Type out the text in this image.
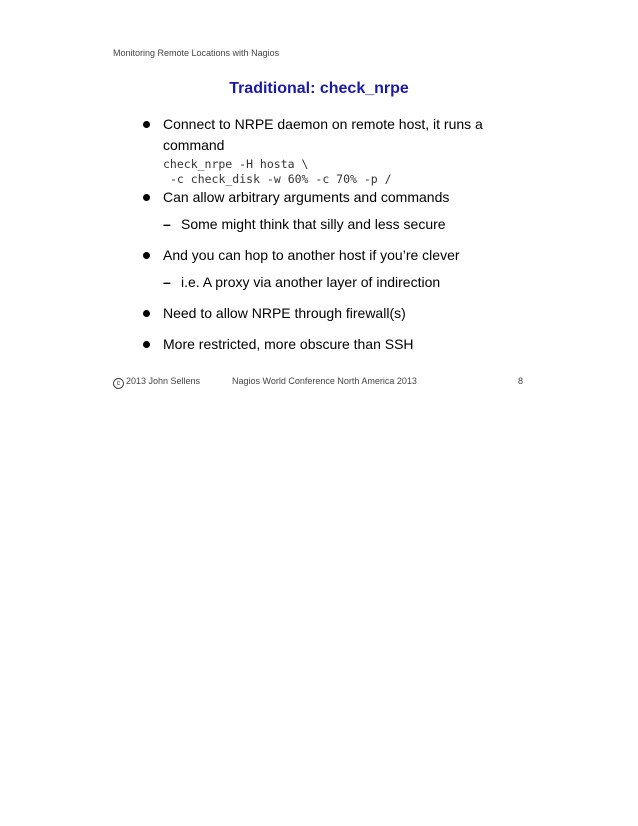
Monitoring Remote Locations with Nagios
Traditional: check_nrpe
Connect to NRPE daemon on remote host, it runs a command
check_nrpe -H hosta \
-c check_disk -w 60% -c 70% -p /
Can allow arbitrary arguments and commands
– Some might think that silly and less secure
And you can hop to another host if you’re clever
– i.e. A proxy via another layer of indirection
Need to allow NRPE through firewall(s)
More restricted, more obscure than SSH
c 2013 John Sellens	Nagios World Conference North America 2013	8
